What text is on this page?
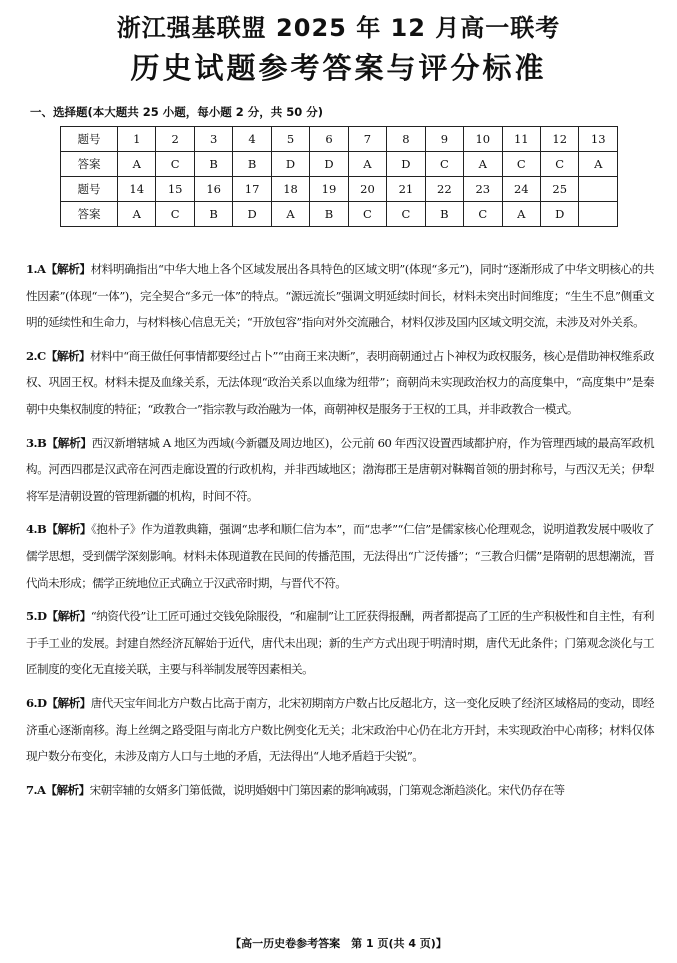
浙江强基联盟 2025 年 12 月高一联考
历史试题参考答案与评分标准
一、选择题(本大题共 25 小题，每小题 2 分，共 50 分)
题号	1	2	3	4	5	6	7	8	9	10	11	12	13
答案	A	C	B	B	D	D	A	D	C	A	C	C	A
题号	14	15	16	17	18	19	20	21	22	23	24	25	
答案	A	C	B	D	A	B	C	C	B	C	A	D	
1.A【解析】材料明确指出“中华大地上各个区域发展出各具特色的区域文明”(体现“多元”)，同时“逐渐形成了中华文明核心的共性因素”(体现“一体”)，完全契合“多元一体”的特点。“源远流长”强调文明延续时间长，材料未突出时间维度；“生生不息”侧重文明的延续性和生命力，与材料核心信息无关；“开放包容”指向对外交流融合，材料仅涉及国内区域文明交流，未涉及对外关系。
2.C【解析】材料中“商王做任何事情都要经过占卜”“由商王来决断”，表明商朝通过占卜神权为政权服务，核心是借助神权维系政权、巩固王权。材料未提及血缘关系，无法体现“政治关系以血缘为纽带”；商朝尚未实现政治权力的高度集中，“高度集中”是秦朝中央集权制度的特征；“政教合一”指宗教与政治融为一体，商朝神权是服务于王权的工具，并非政教合一模式。
3.B【解析】西汉新增辖城 A 地区为西域(今新疆及周边地区)，公元前 60 年西汉设置西域都护府，作为管理西域的最高军政机构。河西四郡是汉武帝在河西走廊设置的行政机构，并非西域地区；渤海郡王是唐朝对靺鞨首领的册封称号，与西汉无关；伊犁将军是清朝设置的管理新疆的机构，时间不符。
4.B【解析】《抱朴子》作为道教典籍，强调“忠孝和顺仁信为本”，而“忠孝”“仁信”是儒家核心伦理观念，说明道教发展中吸收了儒学思想，受到儒学深刻影响。材料未体现道教在民间的传播范围，无法得出“广泛传播”；“三教合归儒”是隋朝的思想潮流，晋代尚未形成；儒学正统地位正式确立于汉武帝时期，与晋代不符。
5.D【解析】“纳资代役”让工匠可通过交钱免除服役，“和雇制”让工匠获得报酬，两者都提高了工匠的生产积极性和自主性，有利于手工业的发展。封建自然经济瓦解始于近代，唐代未出现；新的生产方式出现于明清时期，唐代无此条件；门第观念淡化与工匠制度的变化无直接关联，主要与科举制发展等因素相关。
6.D【解析】唐代天宝年间北方户数占比高于南方，北宋初期南方户数占比反超北方，这一变化反映了经济区域格局的变动，即经济重心逐渐南移。海上丝绸之路受阻与南北方户数比例变化无关；北宋政治中心仍在北方开封，未实现政治中心南移；材料仅体现户数分布变化，未涉及南方人口与土地的矛盾，无法得出“人地矛盾趋于尖锐”。
7.A【解析】宋朝宰辅的女婿多门第低微，说明婚姻中门第因素的影响减弱，门第观念渐趋淡化。宋代仍存在等
【高一历史卷参考答案　第 1 页(共 4 页)】
